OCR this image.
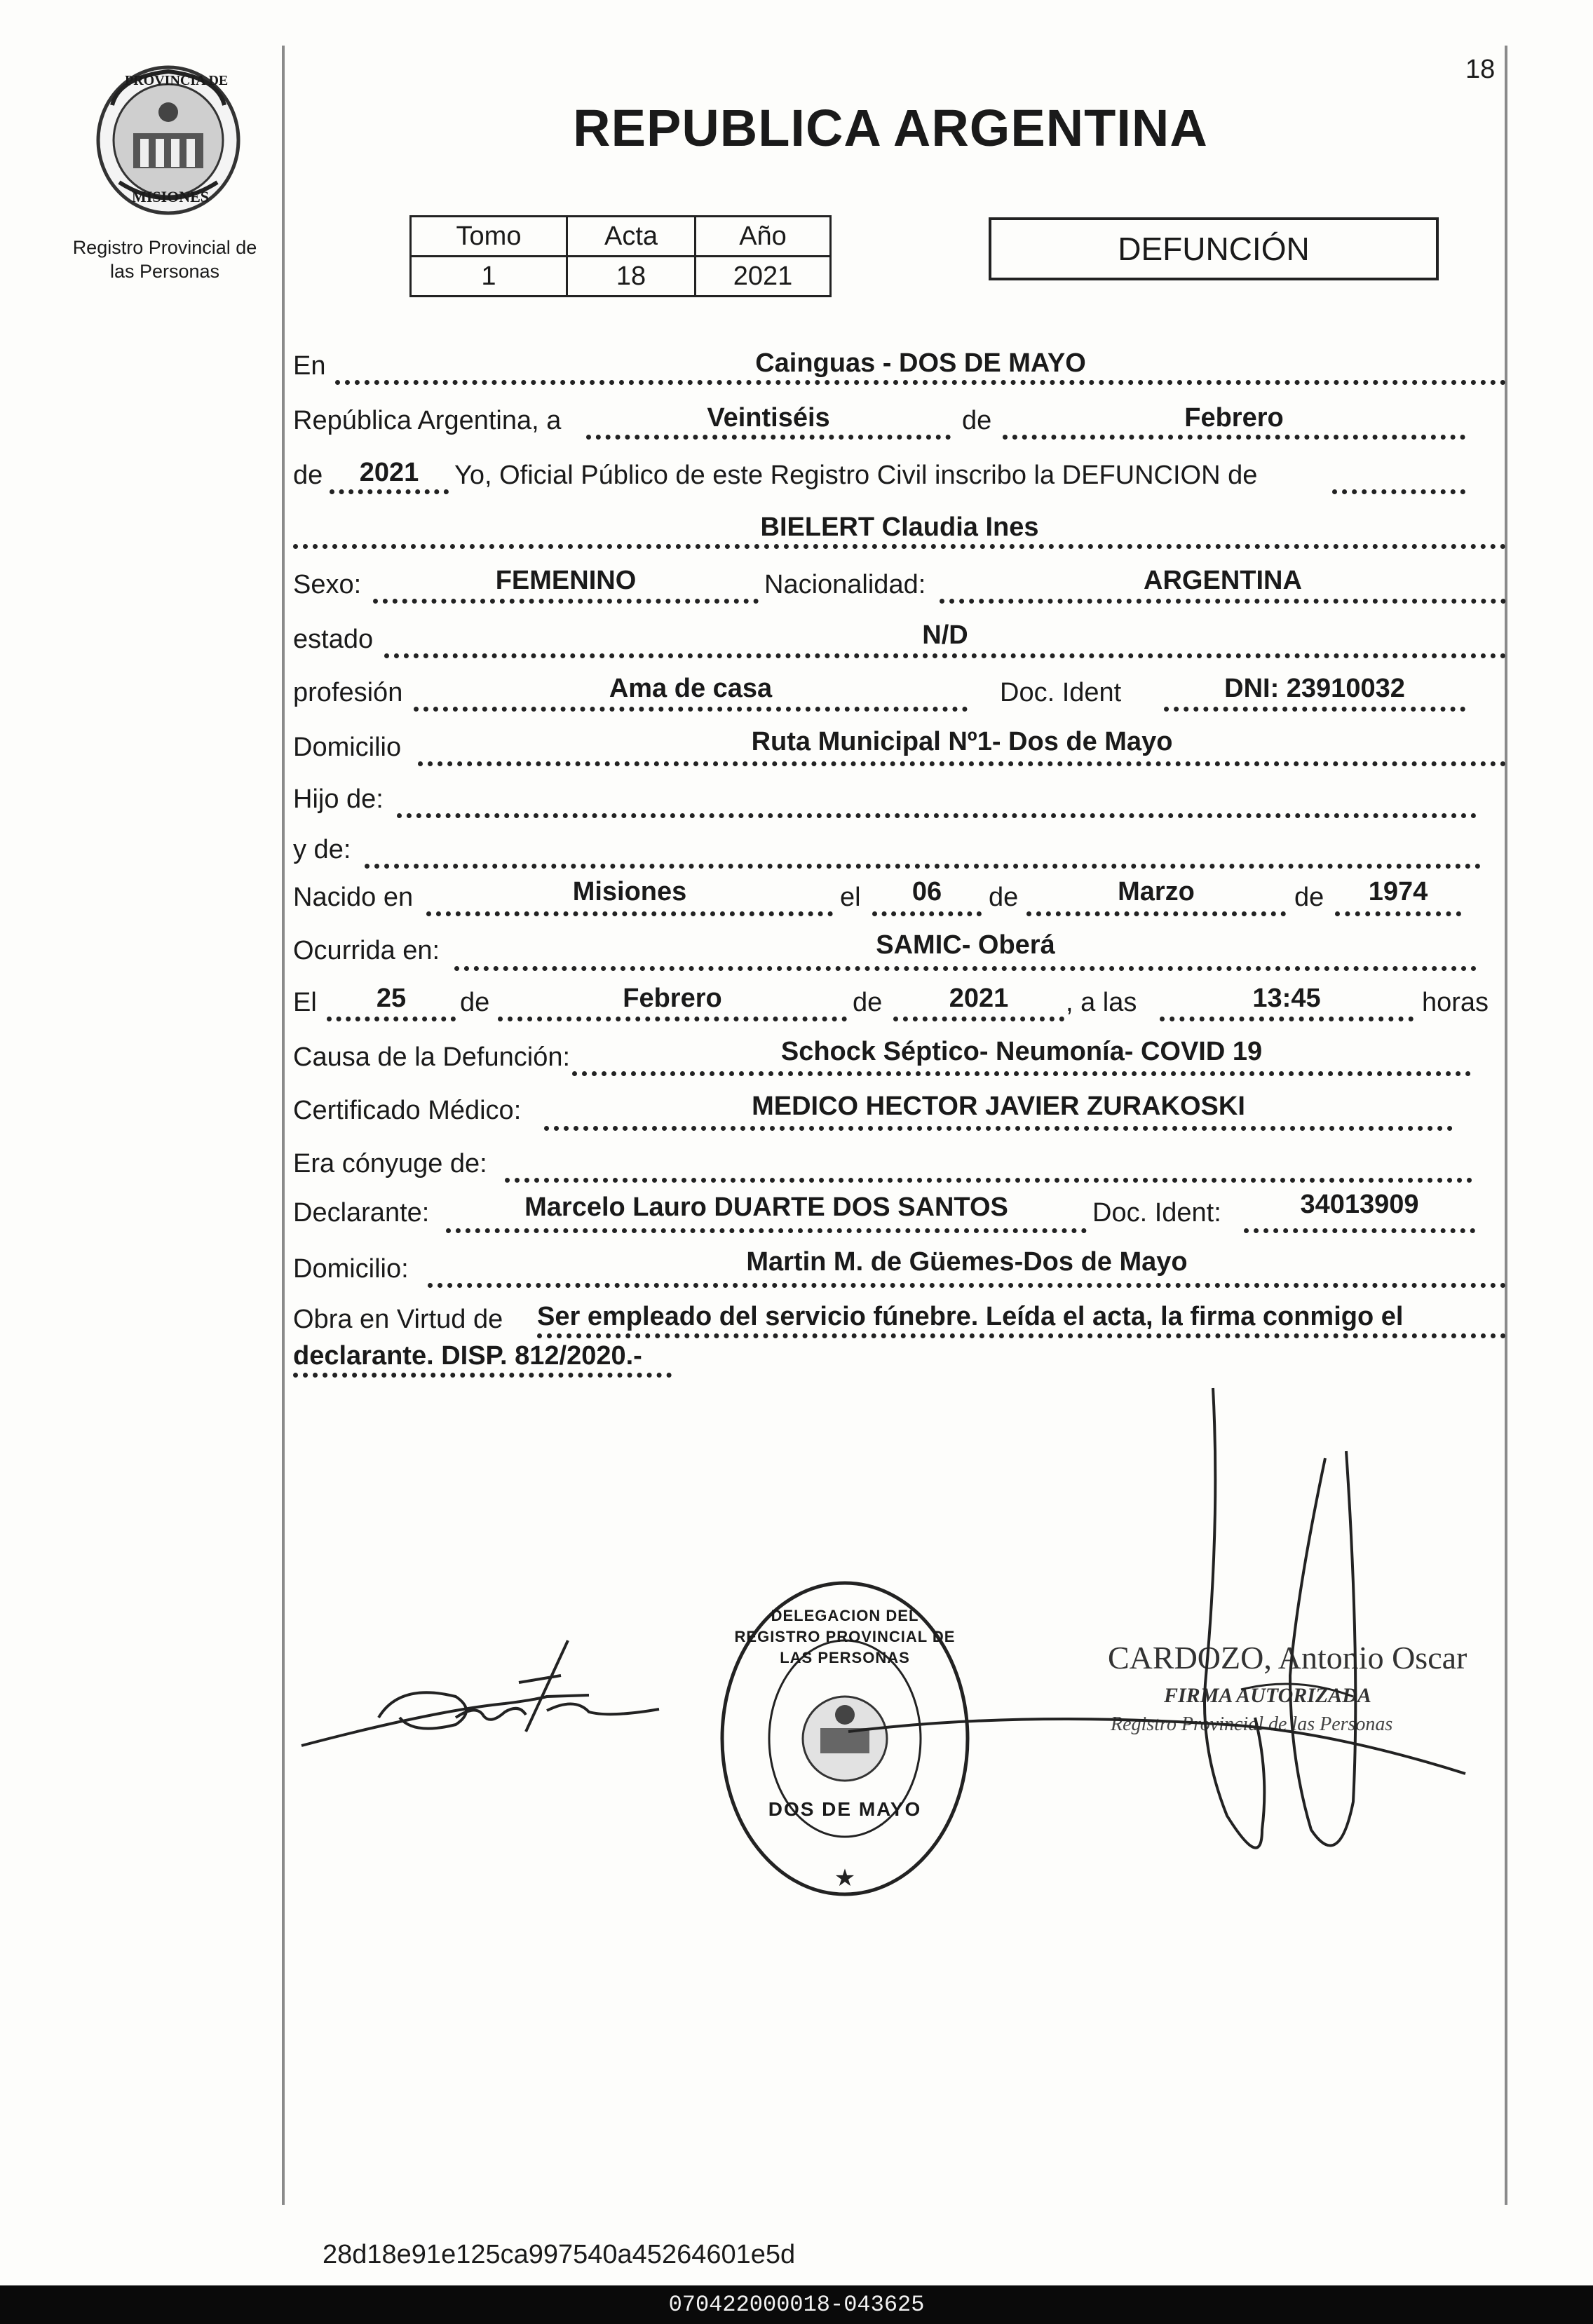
18
PROVINCIA DE
MISIONES
Registro Provincial de
las Personas
REPUBLICA ARGENTINA
Tomo	Acta	Año
1	18	2021
DEFUNCIÓN
En	Cainguas - DOS DE MAYO
República Argentina, a	Veintiséis	de	Febrero
de	2021	Yo, Oficial Público de este Registro Civil inscribo la DEFUNCION de
BIELERT Claudia Ines
Sexo:	FEMENINO	Nacionalidad:	ARGENTINA
estado	N/D
profesión	Ama de casa	Doc. Ident	DNI: 23910032
Domicilio	Ruta Municipal Nº1- Dos de Mayo
Hijo de:
y de:
Nacido en	Misiones	el	06	de	Marzo	de	1974
Ocurrida en:	SAMIC- Oberá
El	25	de	Febrero	de	2021	, a las	13:45	horas
Causa de la Defunción:	Schock Séptico- Neumonía- COVID 19
Certificado Médico:	MEDICO HECTOR JAVIER ZURAKOSKI
Era cónyuge de:
Declarante:	Marcelo Lauro DUARTE DOS SANTOS	Doc. Ident:	34013909
Domicilio:	Martin M. de Güemes-Dos de Mayo
Obra en Virtud de Ser empleado del servicio fúnebre. Leída el acta, la firma conmigo el
declarante. DISP. 812/2020.-
★
DELEGACION DEL REGISTRO PROVINCIAL DE LAS PERSONAS
DOS DE MAYO
CARDOZO, Antonio Oscar
FIRMA AUTORIZADA
Registro Provincial de las Personas
28d18e91e125ca997540a45264601e5d
070422000018-043625
